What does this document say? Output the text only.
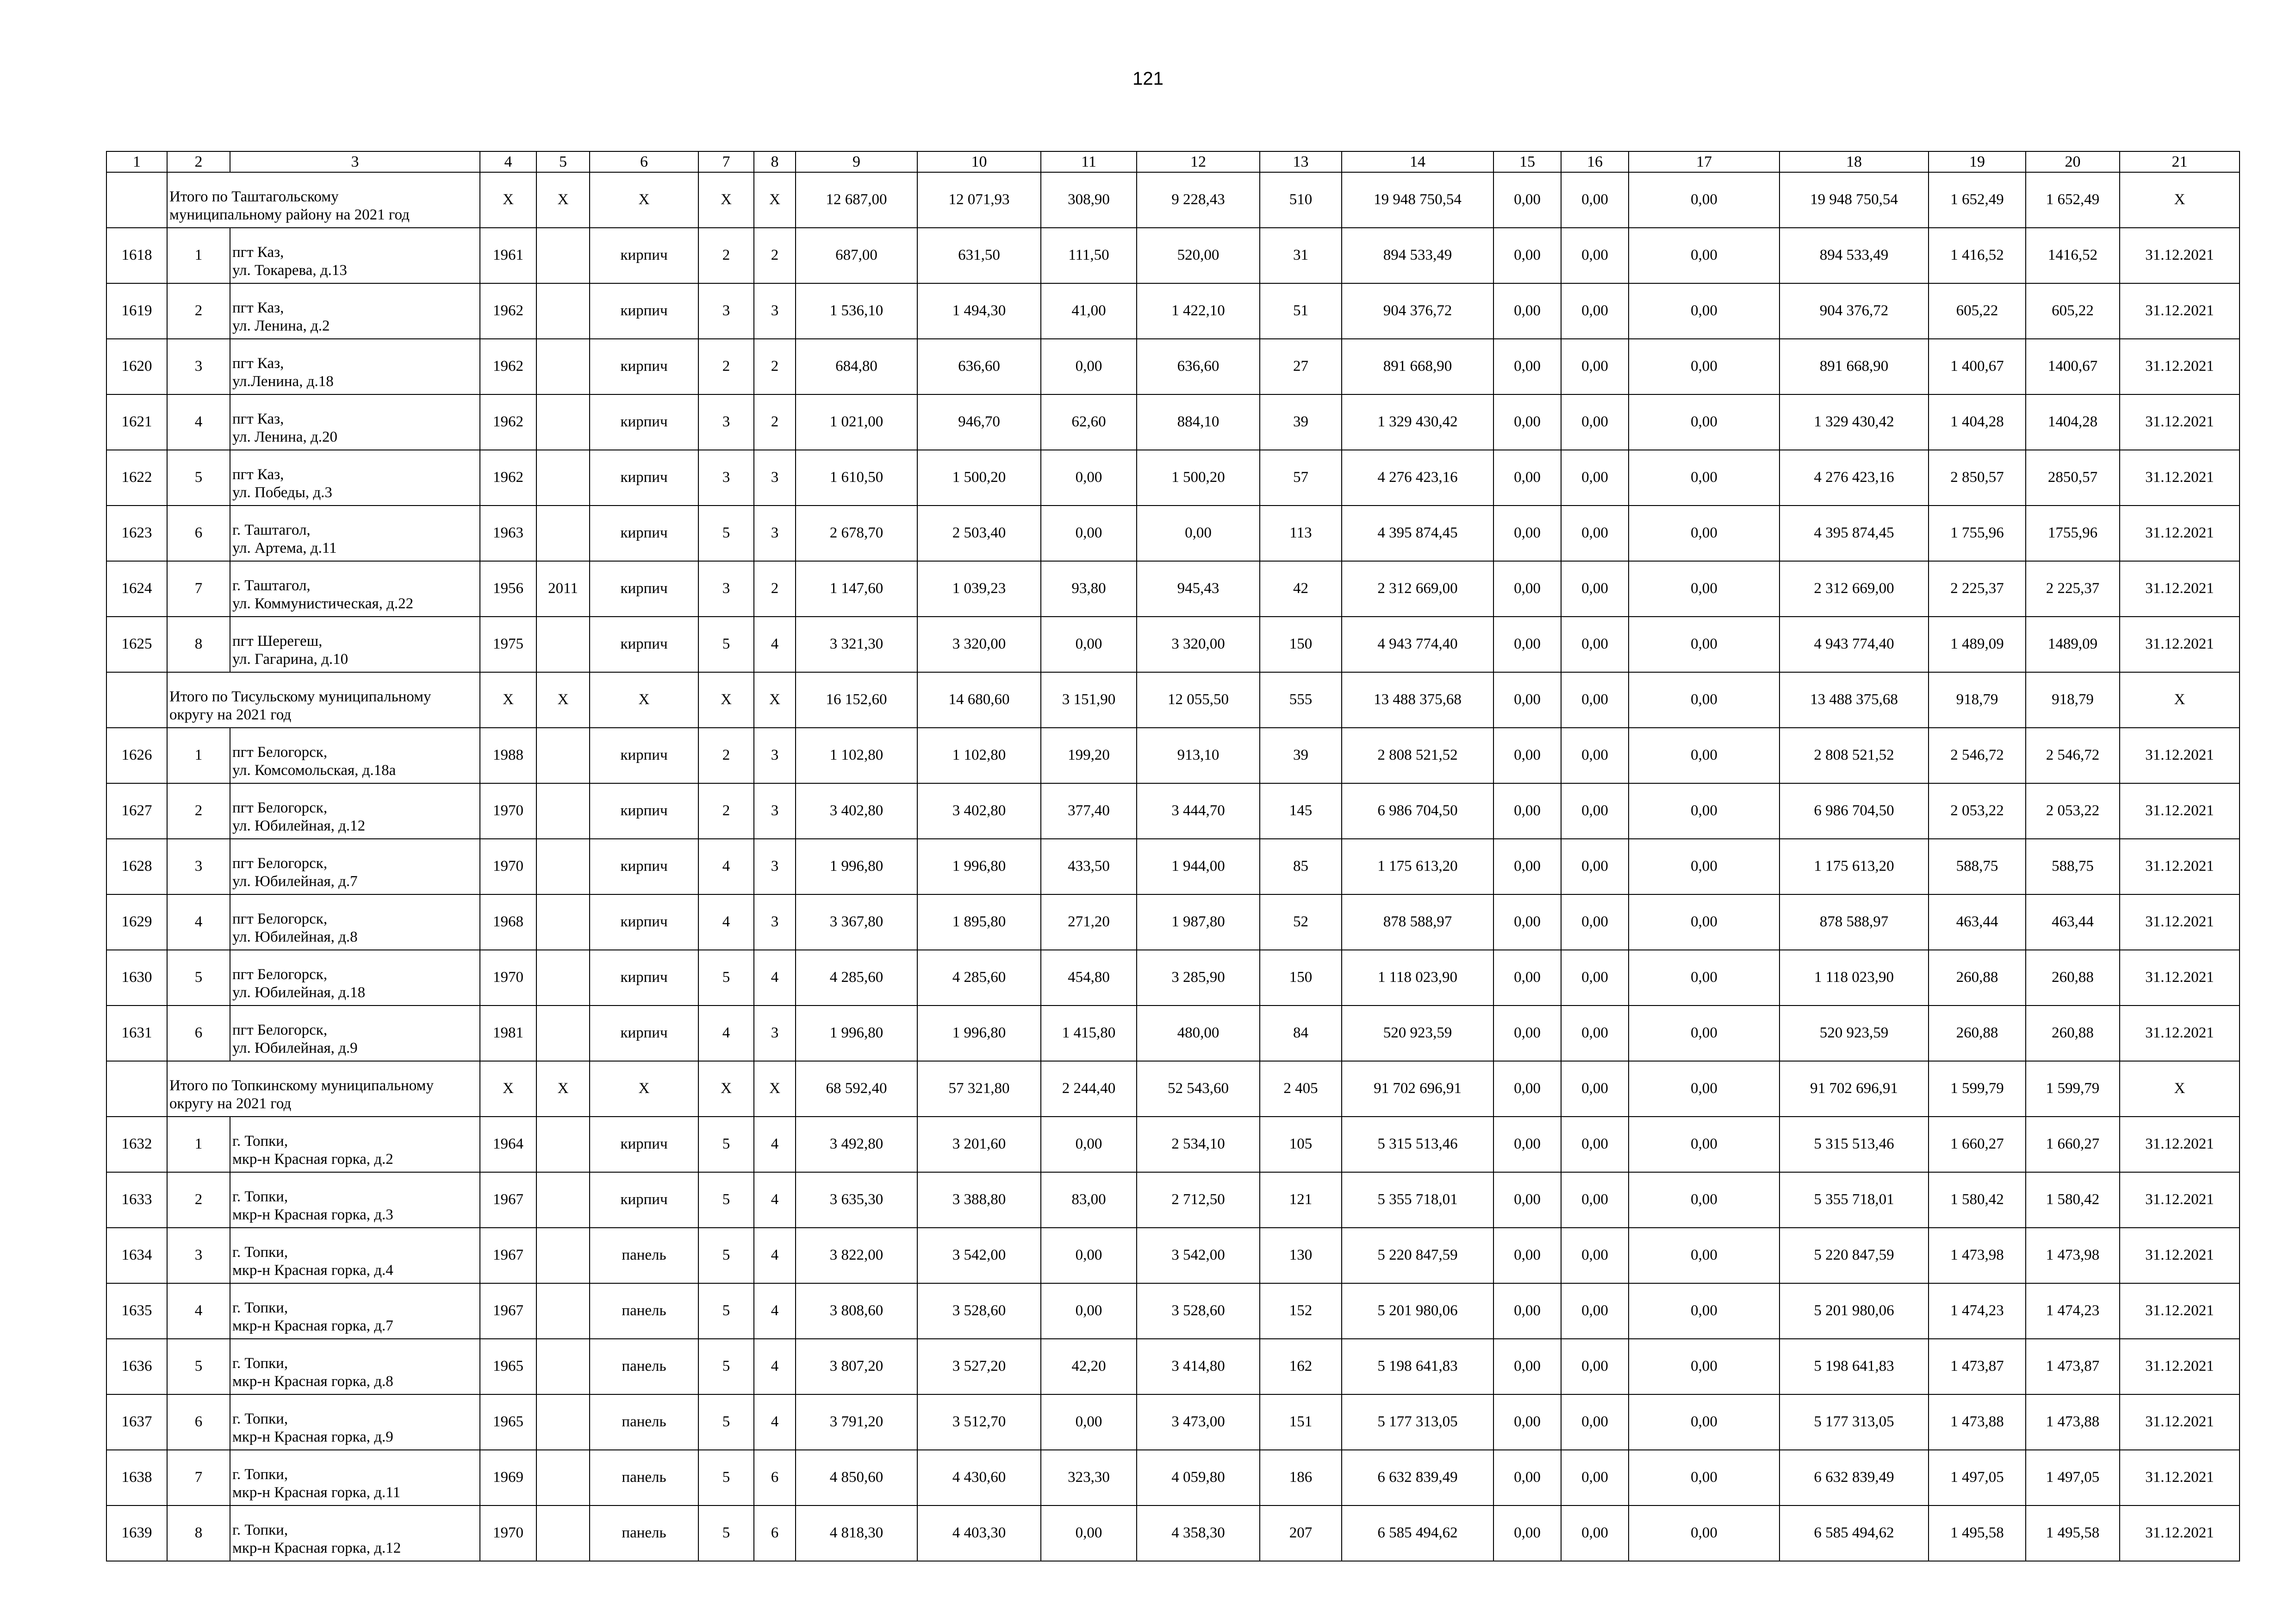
121
1	2	3	4	5	6	7	8	9	10	11	12	13	14	15	16	17	18	19	20	21

	Итого по Таштагольскому
муниципальному району на 2021 год		X	X	X	X	X	12 687,00	12 071,93	308,90	9 228,43	510	19 948 750,54	0,00	0,00	0,00	19 948 750,54	1 652,49	1 652,49	X
1618	1	пгт Каз,
ул. Токарева, д.13	1961		кирпич	2	2	687,00	631,50	111,50	520,00	31	894 533,49	0,00	0,00	0,00	894 533,49	1 416,52	1416,52	31.12.2021
1619	2	пгт Каз,
ул. Ленина, д.2	1962		кирпич	3	3	1 536,10	1 494,30	41,00	1 422,10	51	904 376,72	0,00	0,00	0,00	904 376,72	605,22	605,22	31.12.2021
1620	3	пгт Каз,
ул.Ленина, д.18	1962		кирпич	2	2	684,80	636,60	0,00	636,60	27	891 668,90	0,00	0,00	0,00	891 668,90	1 400,67	1400,67	31.12.2021
1621	4	пгт Каз,
ул. Ленина, д.20	1962		кирпич	3	2	1 021,00	946,70	62,60	884,10	39	1 329 430,42	0,00	0,00	0,00	1 329 430,42	1 404,28	1404,28	31.12.2021
1622	5	пгт Каз,
ул. Победы, д.3	1962		кирпич	3	3	1 610,50	1 500,20	0,00	1 500,20	57	4 276 423,16	0,00	0,00	0,00	4 276 423,16	2 850,57	2850,57	31.12.2021
1623	6	г. Таштагол,
ул. Артема, д.11	1963		кирпич	5	3	2 678,70	2 503,40	0,00	0,00	113	4 395 874,45	0,00	0,00	0,00	4 395 874,45	1 755,96	1755,96	31.12.2021
1624	7	г. Таштагол,
ул. Коммунистическая, д.22	1956	2011	кирпич	3	2	1 147,60	1 039,23	93,80	945,43	42	2 312 669,00	0,00	0,00	0,00	2 312 669,00	2 225,37	2 225,37	31.12.2021
1625	8	пгт Шерегеш,
ул. Гагарина, д.10	1975		кирпич	5	4	3 321,30	3 320,00	0,00	3 320,00	150	4 943 774,40	0,00	0,00	0,00	4 943 774,40	1 489,09	1489,09	31.12.2021

	Итого по Тисульскому муниципальному
округу на 2021 год		X	X	X	X	X	16 152,60	14 680,60	3 151,90	12 055,50	555	13 488 375,68	0,00	0,00	0,00	13 488 375,68	918,79	918,79	X
1626	1	пгт Белогорск,
ул. Комсомольская, д.18а	1988		кирпич	2	3	1 102,80	1 102,80	199,20	913,10	39	2 808 521,52	0,00	0,00	0,00	2 808 521,52	2 546,72	2 546,72	31.12.2021
1627	2	пгт Белогорск,
ул. Юбилейная, д.12	1970		кирпич	2	3	3 402,80	3 402,80	377,40	3 444,70	145	6 986 704,50	0,00	0,00	0,00	6 986 704,50	2 053,22	2 053,22	31.12.2021
1628	3	пгт Белогорск,
ул. Юбилейная, д.7	1970		кирпич	4	3	1 996,80	1 996,80	433,50	1 944,00	85	1 175 613,20	0,00	0,00	0,00	1 175 613,20	588,75	588,75	31.12.2021
1629	4	пгт Белогорск,
ул. Юбилейная, д.8	1968		кирпич	4	3	3 367,80	1 895,80	271,20	1 987,80	52	878 588,97	0,00	0,00	0,00	878 588,97	463,44	463,44	31.12.2021
1630	5	пгт Белогорск,
ул. Юбилейная, д.18	1970		кирпич	5	4	4 285,60	4 285,60	454,80	3 285,90	150	1 118 023,90	0,00	0,00	0,00	1 118 023,90	260,88	260,88	31.12.2021
1631	6	пгт Белогорск,
ул. Юбилейная, д.9	1981		кирпич	4	3	1 996,80	1 996,80	1 415,80	480,00	84	520 923,59	0,00	0,00	0,00	520 923,59	260,88	260,88	31.12.2021

	Итого по Топкинскому муниципальному
округу на 2021 год		X	X	X	X	X	68 592,40	57 321,80	2 244,40	52 543,60	2 405	91 702 696,91	0,00	0,00	0,00	91 702 696,91	1 599,79	1 599,79	X
1632	1	г. Топки,
мкр-н Красная горка, д.2	1964		кирпич	5	4	3 492,80	3 201,60	0,00	2 534,10	105	5 315 513,46	0,00	0,00	0,00	5 315 513,46	1 660,27	1 660,27	31.12.2021
1633	2	г. Топки,
мкр-н Красная горка, д.3	1967		кирпич	5	4	3 635,30	3 388,80	83,00	2 712,50	121	5 355 718,01	0,00	0,00	0,00	5 355 718,01	1 580,42	1 580,42	31.12.2021
1634	3	г. Топки,
мкр-н Красная горка, д.4	1967		панель	5	4	3 822,00	3 542,00	0,00	3 542,00	130	5 220 847,59	0,00	0,00	0,00	5 220 847,59	1 473,98	1 473,98	31.12.2021
1635	4	г. Топки,
мкр-н Красная горка, д.7	1967		панель	5	4	3 808,60	3 528,60	0,00	3 528,60	152	5 201 980,06	0,00	0,00	0,00	5 201 980,06	1 474,23	1 474,23	31.12.2021
1636	5	г. Топки,
мкр-н Красная горка, д.8	1965		панель	5	4	3 807,20	3 527,20	42,20	3 414,80	162	5 198 641,83	0,00	0,00	0,00	5 198 641,83	1 473,87	1 473,87	31.12.2021
1637	6	г. Топки,
мкр-н Красная горка, д.9	1965		панель	5	4	3 791,20	3 512,70	0,00	3 473,00	151	5 177 313,05	0,00	0,00	0,00	5 177 313,05	1 473,88	1 473,88	31.12.2021
1638	7	г. Топки,
мкр-н Красная горка, д.11	1969		панель	5	6	4 850,60	4 430,60	323,30	4 059,80	186	6 632 839,49	0,00	0,00	0,00	6 632 839,49	1 497,05	1 497,05	31.12.2021
1639	8	г. Топки,
мкр-н Красная горка, д.12	1970		панель	5	6	4 818,30	4 403,30	0,00	4 358,30	207	6 585 494,62	0,00	0,00	0,00	6 585 494,62	1 495,58	1 495,58	31.12.2021
